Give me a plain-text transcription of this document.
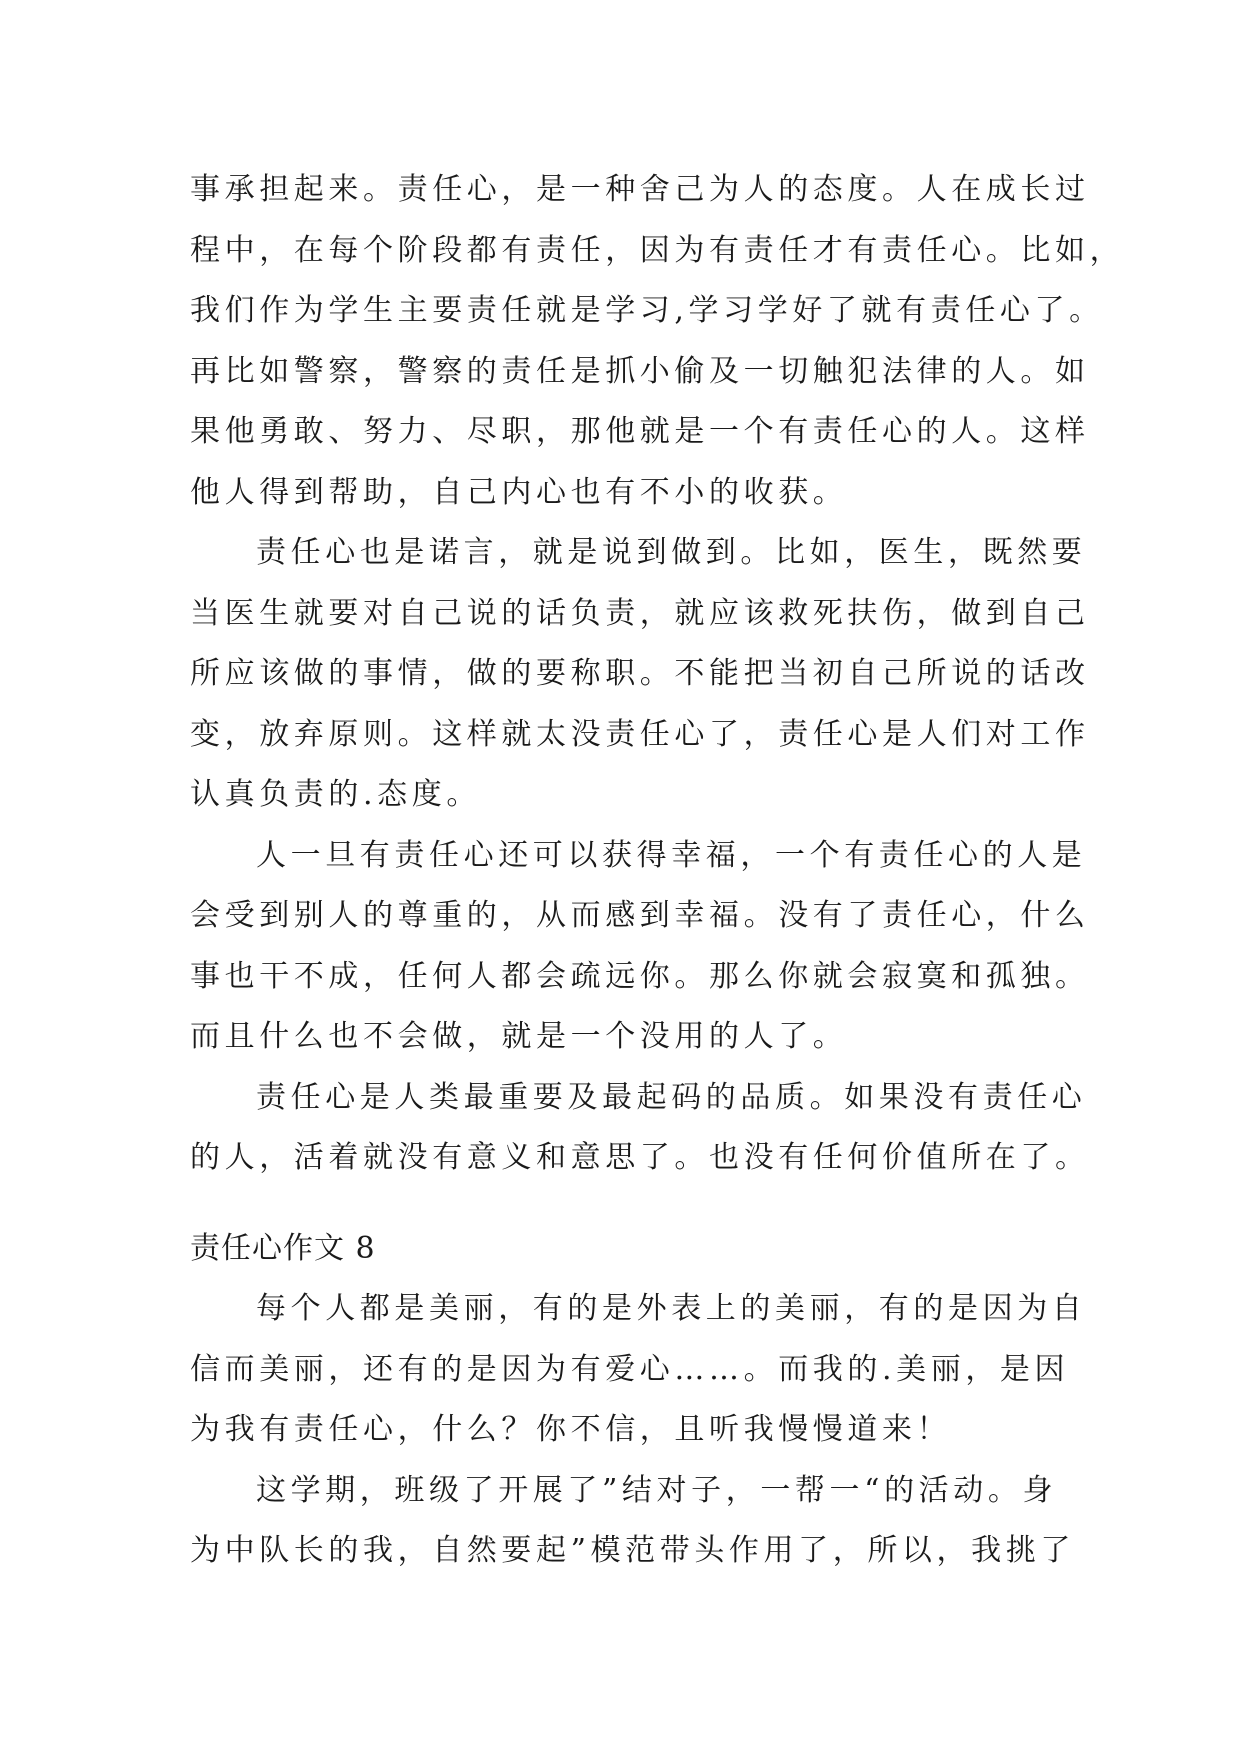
事承担起来。责任心，是一种舍己为人的态度。人在成长过
程中，在每个阶段都有责任，因为有责任才有责任心。比如，
我们作为学生主要责任就是学习,学习学好了就有责任心了。
再比如警察，警察的责任是抓小偷及一切触犯法律的人。如
果他勇敢、努力、尽职，那他就是一个有责任心的人。这样
他人得到帮助，自己内心也有不小的收获。
责任心也是诺言，就是说到做到。比如，医生，既然要
当医生就要对自己说的话负责，就应该救死扶伤，做到自己
所应该做的事情，做的要称职。不能把当初自己所说的话改
变，放弃原则。这样就太没责任心了，责任心是人们对工作
认真负责的.态度。
人一旦有责任心还可以获得幸福，一个有责任心的人是
会受到别人的尊重的，从而感到幸福。没有了责任心，什么
事也干不成，任何人都会疏远你。那么你就会寂寞和孤独。
而且什么也不会做，就是一个没用的人了。
责任心是人类最重要及最起码的品质。如果没有责任心
的人，活着就没有意义和意思了。也没有任何价值所在了。
责任心作文 8
每个人都是美丽，有的是外表上的美丽，有的是因为自
信而美丽，还有的是因为有爱心……。而我的.美丽，是因
为我有责任心，什么？你不信，且听我慢慢道来！
这学期，班级了开展了”结对子，一帮一“的活动。身
为中队长的我，自然要起”模范带头作用了，所以，我挑了
